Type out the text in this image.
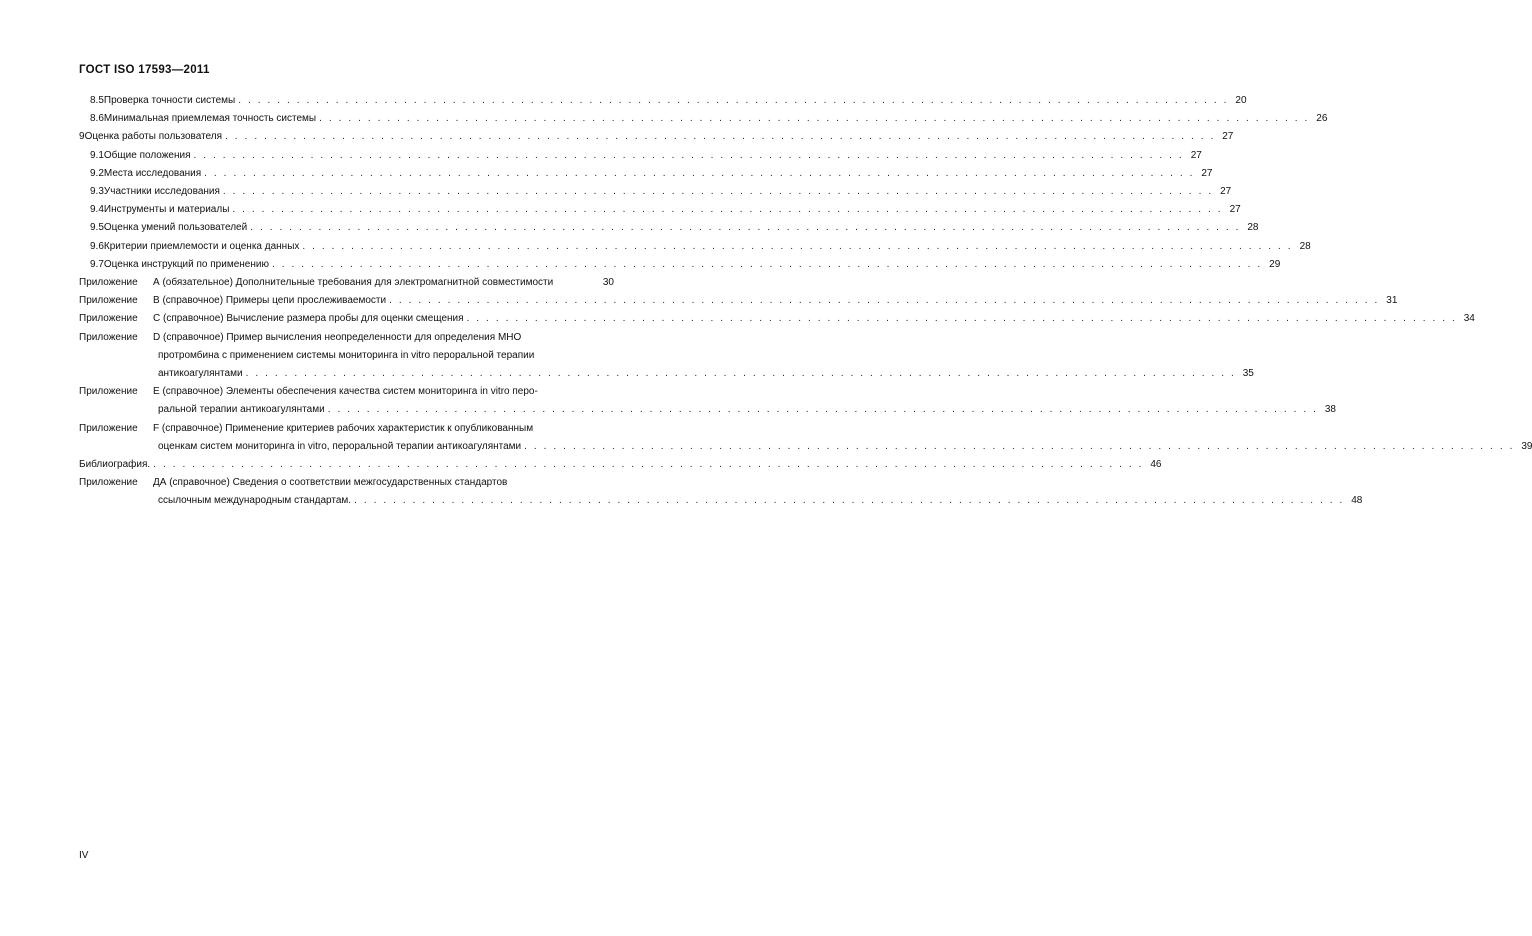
ГОСТ ISO 17593—2011
8.5 Проверка точности системы . . .	20
8.6 Минимальная приемлемая точность системы . . .	26
9 Оценка работы пользователя . . .	27
9.1 Общие положения . . .	27
9.2 Места исследования . . .	27
9.3 Участники исследования . . .	27
9.4 Инструменты и материалы . . .	27
9.5 Оценка умений пользователей . . .	28
9.6 Критерии приемлемости и оценка данных . . .	28
9.7 Оценка инструкций по применению . . .	29
Приложение	А (обязательное) Дополнительные требования для электромагнитной совместимости	30
Приложение	В (справочное) Примеры цепи прослеживаемости . . .	31
Приложение	С (справочное) Вычисление размера пробы для оценки смещения . . .	34
Приложение	D (справочное) Пример вычисления неопределенности для определения МНО
протромбина с применением системы мониторинга in vitro пероральной терапии
антикоагулянтами . . .	35
Приложение	Е (справочное) Элементы обеспечения качества систем мониторинга in vitro перо-
ральной терапии антикоагулянтами . . .	38
Приложение	F (справочное) Применение критериев рабочих характеристик к опубликованным
оценкам систем мониторинга in vitro, пероральной терапии антикоагулянтами . . .	39
Библиография. . . .	46
Приложение	ДА (справочное) Сведения о соответствии межгосударственных стандартов
ссылочным международным стандартам. . . .	48
IV
